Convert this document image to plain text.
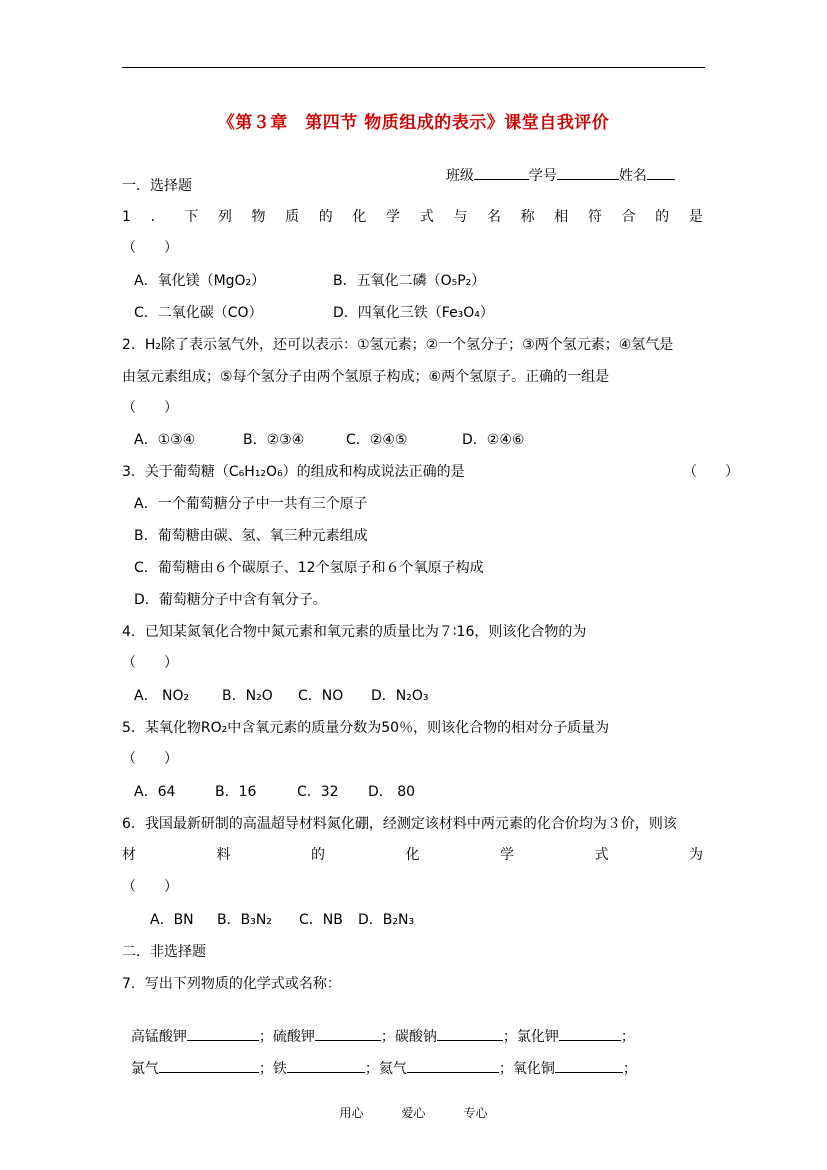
《第３章　第四节 物质组成的表示》课堂自我评价

班级	学号	姓名

一．选择题
1 ． 下 列 物 质 的 化 学 式 与 名 称 相 符 合 的 是
（　　）
A．氧化镁（MgO₂）	B．五氧化二磷（O₅P₂）
C．二氧化碳（CO）	D．四氧化三铁（Fe₃O₄）
2．H₂除了表示氢气外，还可以表示：①氢元素；②一个氢分子；③两个氢元素；④氢气是
由氢元素组成；⑤每个氢分子由两个氢原子构成；⑥两个氢原子。正确的一组是
（　　）
A．①③④	B．②③④	C．②④⑤	D．②④⑥
3．关于葡萄糖（C₆H₁₂O₆）的组成和构成说法正确的是	（　　）
A．一个葡萄糖分子中一共有三个原子
B．葡萄糖由碳、氢、氧三种元素组成
C．葡萄糖由６个碳原子、12个氢原子和６个氧原子构成
D．葡萄糖分子中含有氧分子。
4．已知某氮氧化合物中氮元素和氧元素的质量比为７∶16，则该化合物的为
（　　）
A． NO₂ B．N₂O C．NO D．N₂O₃
5．某氧化物RO₂中含氧元素的质量分数为50％，则该化合物的相对分子质量为
（　　）
A．64	B．16	C．32 D． 80
6．我国最新研制的高温超导材料氮化硼，经测定该材料中两元素的化合价均为３价，则该
材	料	的	化	学	式	为
（　　）
A．BN B．B₃N₂ C．NB D．B₂N₃
二．非选择题
7．写出下列物质的化学式或名称：

高锰酸钾	；硫酸钾	；碳酸钠	；氯化钾	；

氯气	；铁	；氦气	；氧化铜	；

用心	爱心	专心
